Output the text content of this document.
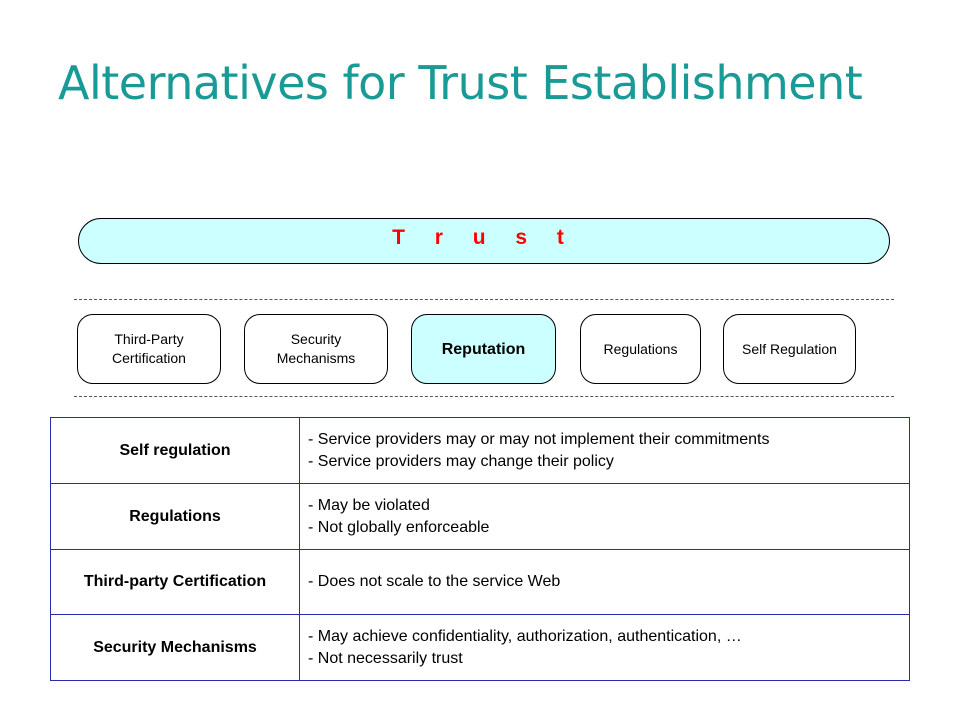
Alternatives for Trust Establishment
T r u s t
Third-Party
Certification
Security
Mechanisms
Reputation	Regulations	Self Regulation
Self regulation	- Service providers may or may not implement their commitments
- Service providers may change their policy

Regulations	- May be violated
- Not globally enforceable

Third-party Certification	- Does not scale to the service Web

Security Mechanisms	- May achieve confidentiality, authorization, authentication, …
- Not necessarily trust
